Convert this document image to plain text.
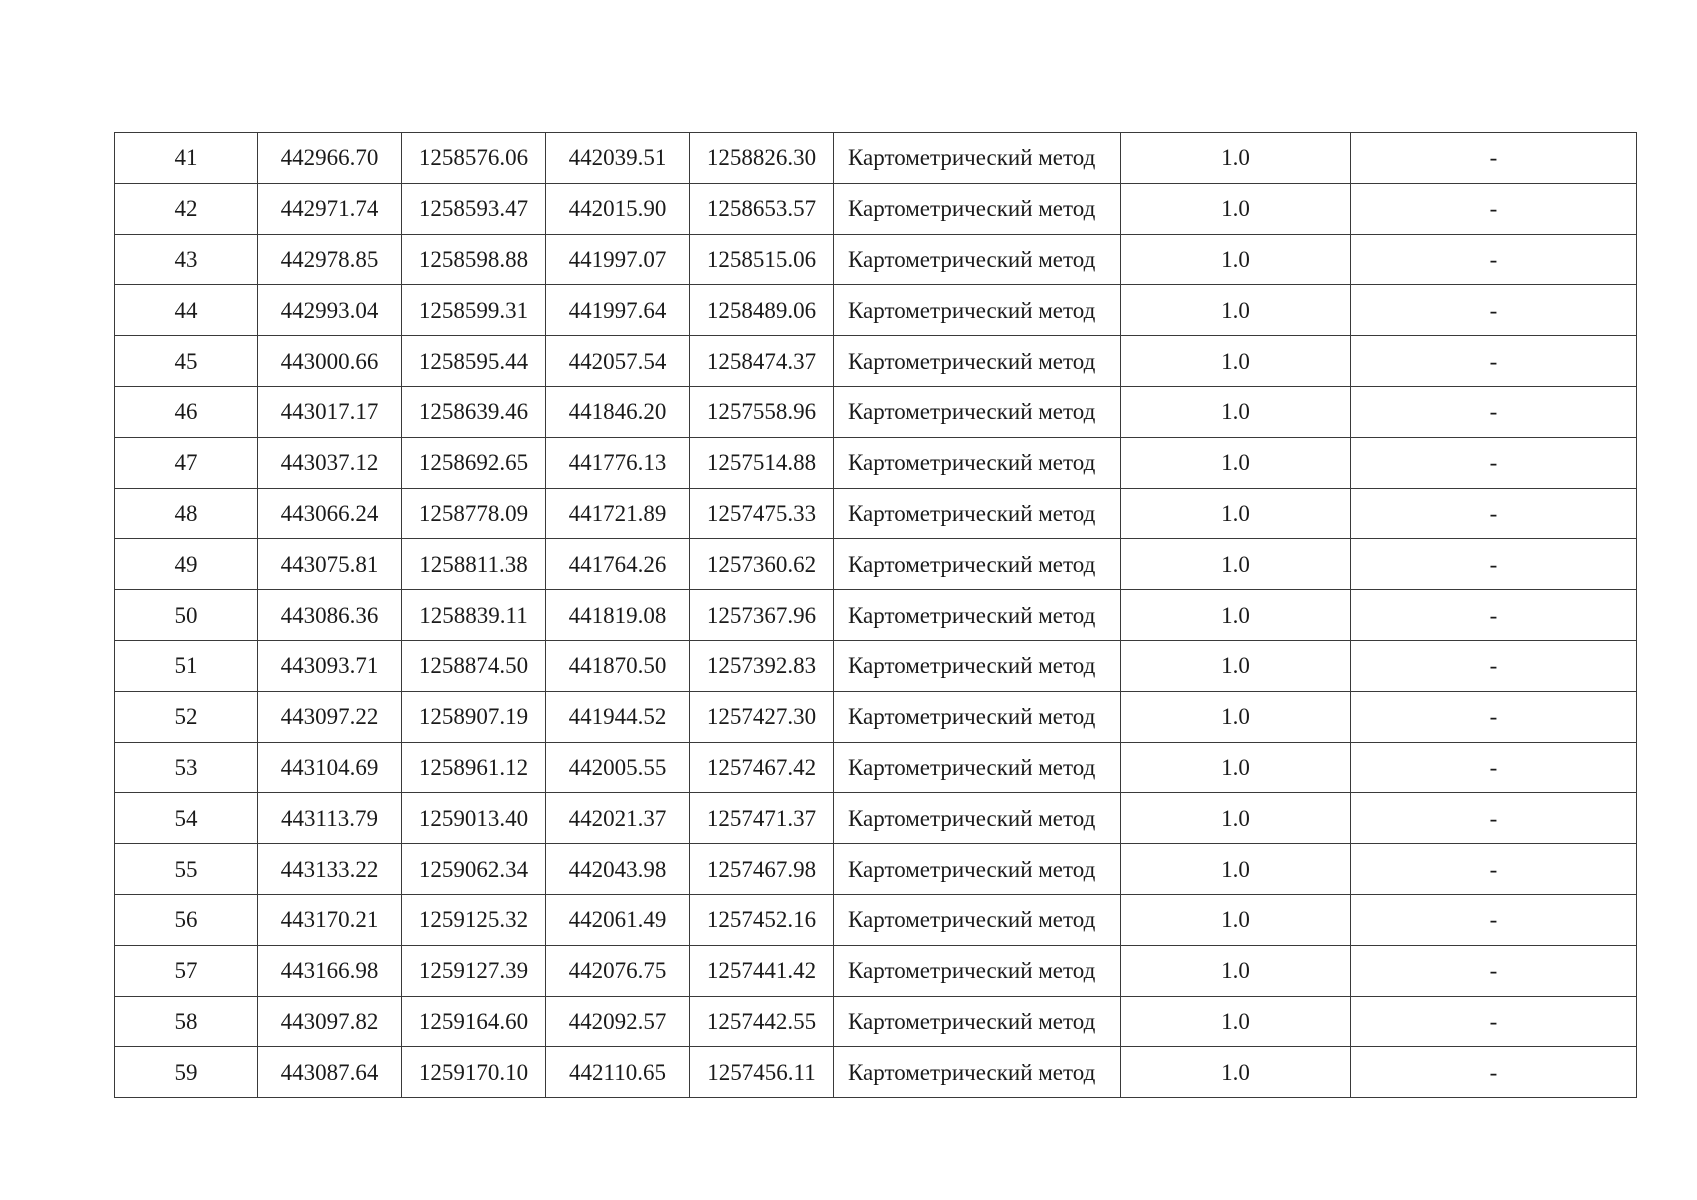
41	442966.70	1258576.06	442039.51	1258826.30	Картометрический метод	1.0	-
42	442971.74	1258593.47	442015.90	1258653.57	Картометрический метод	1.0	-
43	442978.85	1258598.88	441997.07	1258515.06	Картометрический метод	1.0	-
44	442993.04	1258599.31	441997.64	1258489.06	Картометрический метод	1.0	-
45	443000.66	1258595.44	442057.54	1258474.37	Картометрический метод	1.0	-
46	443017.17	1258639.46	441846.20	1257558.96	Картометрический метод	1.0	-
47	443037.12	1258692.65	441776.13	1257514.88	Картометрический метод	1.0	-
48	443066.24	1258778.09	441721.89	1257475.33	Картометрический метод	1.0	-
49	443075.81	1258811.38	441764.26	1257360.62	Картометрический метод	1.0	-
50	443086.36	1258839.11	441819.08	1257367.96	Картометрический метод	1.0	-
51	443093.71	1258874.50	441870.50	1257392.83	Картометрический метод	1.0	-
52	443097.22	1258907.19	441944.52	1257427.30	Картометрический метод	1.0	-
53	443104.69	1258961.12	442005.55	1257467.42	Картометрический метод	1.0	-
54	443113.79	1259013.40	442021.37	1257471.37	Картометрический метод	1.0	-
55	443133.22	1259062.34	442043.98	1257467.98	Картометрический метод	1.0	-
56	443170.21	1259125.32	442061.49	1257452.16	Картометрический метод	1.0	-
57	443166.98	1259127.39	442076.75	1257441.42	Картометрический метод	1.0	-
58	443097.82	1259164.60	442092.57	1257442.55	Картометрический метод	1.0	-
59	443087.64	1259170.10	442110.65	1257456.11	Картометрический метод	1.0	-
